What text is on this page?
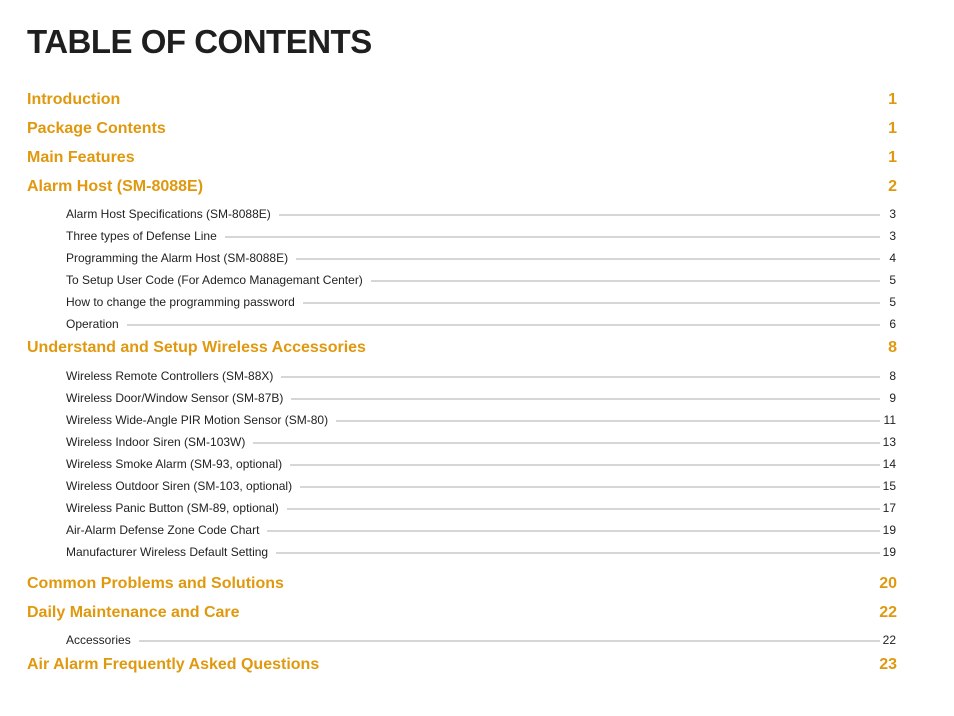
TABLE OF CONTENTS
Introduction	1
Package Contents	1
Main Features	1
Alarm Host (SM-8088E)	2
Alarm Host Specifications (SM-8088E)	3
Three types of Defense Line	3
Programming the Alarm Host (SM-8088E)	4
To Setup User Code (For Ademco Managemant Center)	5
How to change the programming password	5
Operation	6
Understand and Setup Wireless Accessories	8
Wireless Remote Controllers (SM-88X)	8
Wireless Door/Window Sensor (SM-87B)	9
Wireless Wide-Angle PIR Motion Sensor (SM-80)	11
Wireless Indoor Siren (SM-103W)	13
Wireless Smoke Alarm (SM-93, optional)	14
Wireless Outdoor Siren (SM-103, optional)	15
Wireless Panic Button (SM-89, optional)	17
Air-Alarm Defense Zone Code Chart	19
Manufacturer Wireless Default Setting	19
Common Problems and Solutions	20
Daily Maintenance and Care	22
Accessories	22
Air Alarm Frequently Asked Questions	23
